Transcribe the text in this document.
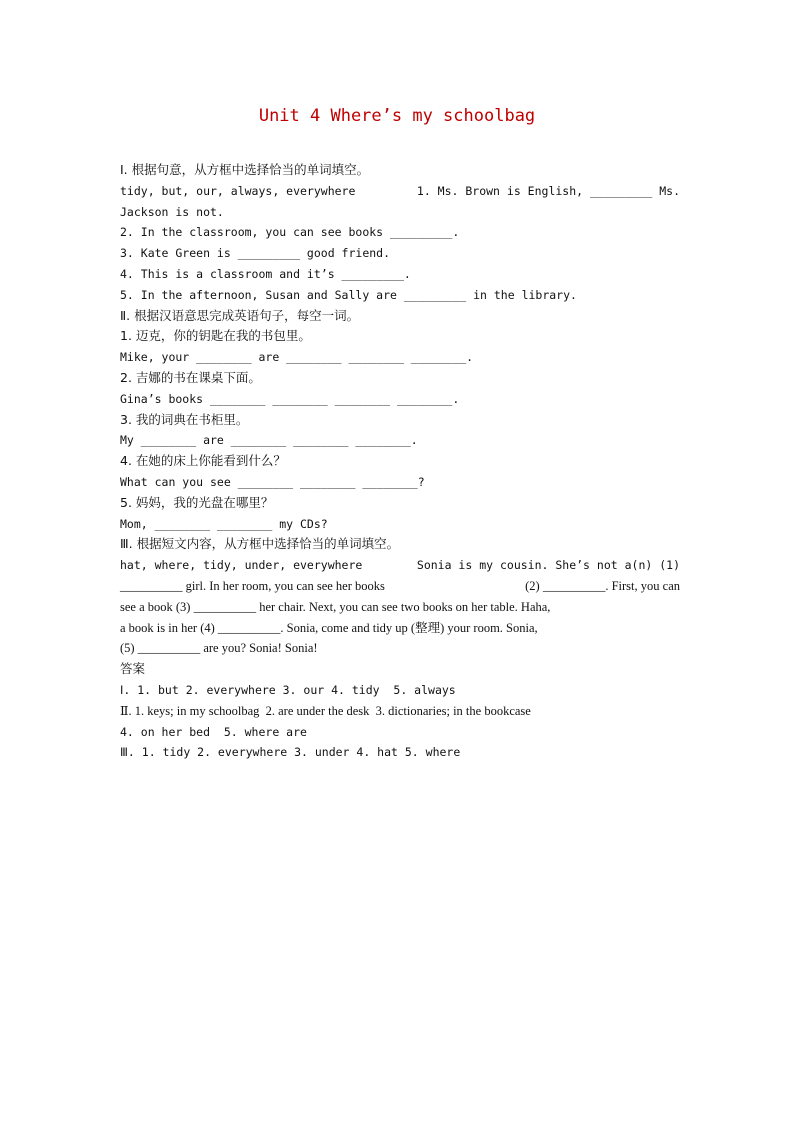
Unit 4 Where’s my schoolbag
Ⅰ. 根据句意，从方框中选择恰当的单词填空。
tidy, but, our, always, everywhere	1. Ms. Brown is English, _________ Ms.
Jackson is not.
2. In the classroom, you can see books _________.
3. Kate Green is _________ good friend.
4. This is a classroom and it’s _________.
5. In the afternoon, Susan and Sally are _________ in the library.
Ⅱ. 根据汉语意思完成英语句子，每空一词。
1. 迈克，你的钥匙在我的书包里。
Mike, your ________ are ________ ________ ________.
2. 吉娜的书在课桌下面。
Gina’s books ________ ________ ________ ________.
3. 我的词典在书柜里。
My ________ are ________ ________ ________.
4. 在她的床上你能看到什么？
What can you see ________ ________ ________?
5. 妈妈，我的光盘在哪里？
Mom, ________ ________ my CDs?
Ⅲ. 根据短文内容，从方框中选择恰当的单词填空。
hat, where, tidy, under, everywhere	Sonia is my cousin. She’s not a(n) (1)
__________ girl. In her room, you can see her books	(2) __________. First, you can
see a book (3) __________ her chair. Next, you can see two books on her table. Haha,
a book is in her (4) __________. Sonia, come and tidy up (整理) your room. Sonia,
(5) __________ are you? Sonia! Sonia!
答案
Ⅰ. 1. but 2. everywhere 3. our 4. tidy  5. always
Ⅱ. 1. keys; in my schoolbag  2. are under the desk  3. dictionaries; in the bookcase
4. on her bed  5. where are
Ⅲ. 1. tidy 2. everywhere 3. under 4. hat 5. where
